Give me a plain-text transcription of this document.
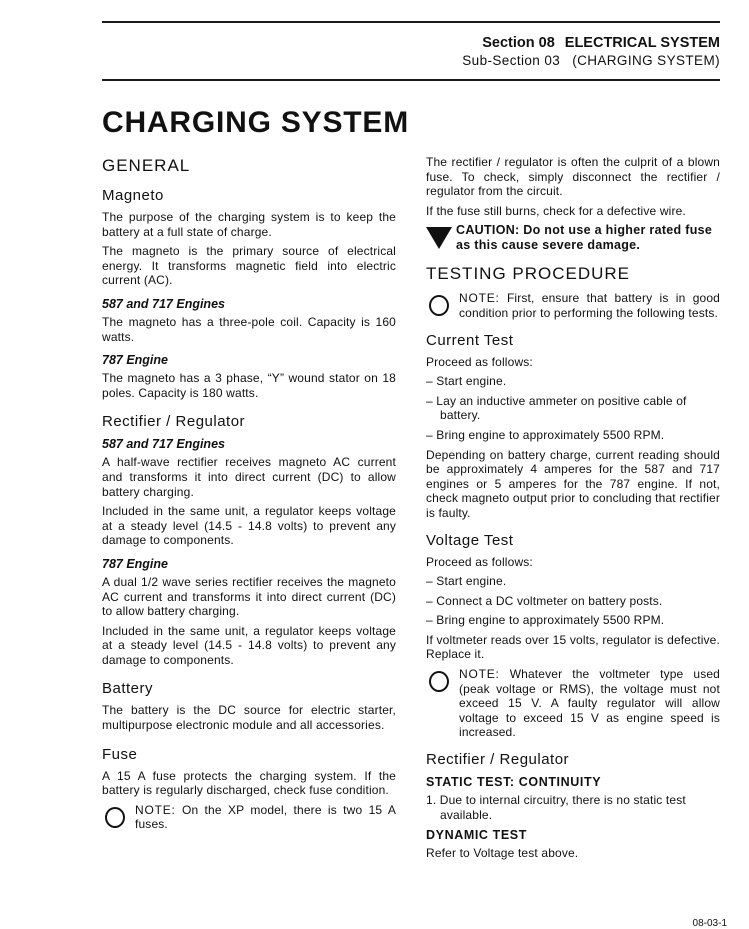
Section 08 ELECTRICAL SYSTEM
Sub-Section 03 (CHARGING SYSTEM)
CHARGING SYSTEM
GENERAL
Magneto

The purpose of the charging system is to keep the battery at a full state of charge.

The magneto is the primary source of electrical energy. It transforms magnetic field into electric current (AC).

587 and 717 Engines

The magneto has a three-pole coil. Capacity is 160 watts.

787 Engine

The magneto has a 3 phase, “Y” wound stator on 18 poles. Capacity is 180 watts.

Rectifier / Regulator
587 and 717 Engines

A half-wave rectifier receives magneto AC current and transforms it into direct current (DC) to allow battery charging.

Included in the same unit, a regulator keeps voltage at a steady level (14.5 - 14.8 volts) to prevent any damage to components.

787 Engine

A dual 1/2 wave series rectifier receives the magneto AC current and transforms it into direct current (DC) to allow battery charging.

Included in the same unit, a regulator keeps voltage at a steady level (14.5 - 14.8 volts) to prevent any damage to components.

Battery

The battery is the DC source for electric starter, multipurpose electronic module and all accessories.

Fuse

A 15 A fuse protects the charging system. If the battery is regularly discharged, check fuse condition.

NOTE: On the XP model, there is two 15 A fuses.

The rectifier / regulator is often the culprit of a blown fuse. To check, simply disconnect the rectifier / regulator from the circuit.

If the fuse still burns, check for a defective wire.

CAUTION: Do not use a higher rated fuse as this cause severe damage.
TESTING PROCEDURE
NOTE: First, ensure that battery is in good condition prior to performing the following tests.
Current Test

Proceed as follows:

– Start engine.
– Lay an inductive ammeter on positive cable of battery.
– Bring engine to approximately 5500 RPM.

Depending on battery charge, current reading should be approximately 4 amperes for the 587 and 717 engines or 5 amperes for the 787 engine. If not, check magneto output prior to concluding that rectifier is faulty.

Voltage Test

Proceed as follows:

– Start engine.
– Connect a DC voltmeter on battery posts.
– Bring engine to approximately 5500 RPM.

If voltmeter reads over 15 volts, regulator is defective. Replace it.

NOTE: Whatever the voltmeter type used (peak voltage or RMS), the voltage must not exceed 15 V. A faulty regulator will allow voltage to exceed 15 V as engine speed is increased.
Rectifier / Regulator
STATIC TEST: CONTINUITY
1. Due to internal circuitry, there is no static test available.
DYNAMIC TEST

Refer to Voltage test above.

08-03-1
